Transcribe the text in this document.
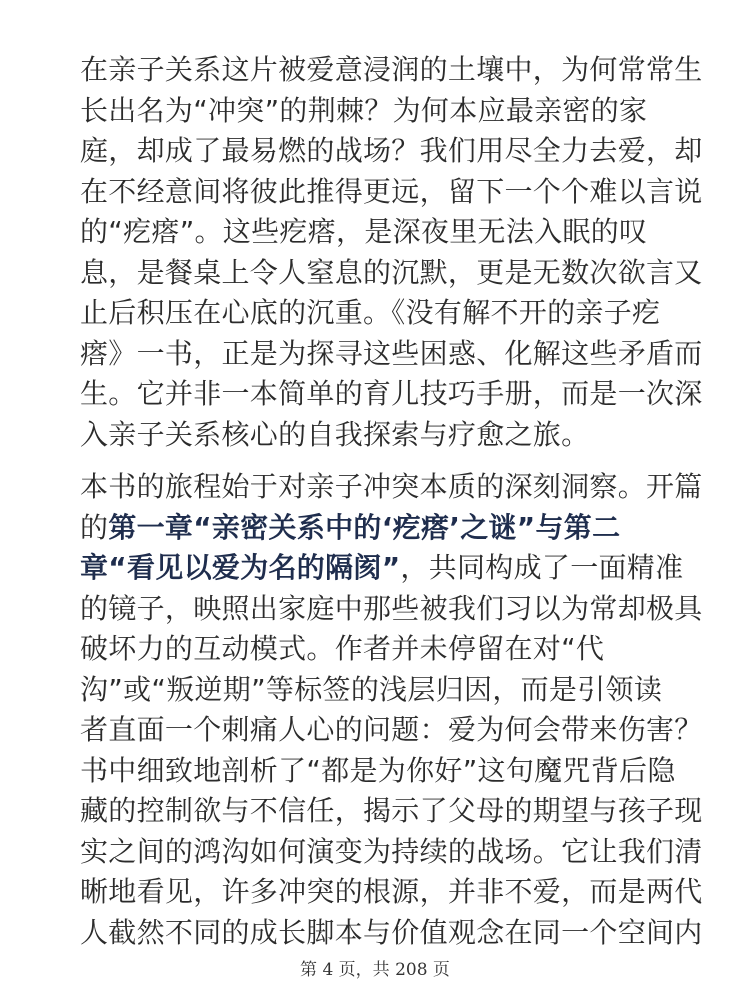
在亲子关系这片被爱意浸润的土壤中，为何常常生
长出名为“冲突”的荆棘？为何本应最亲密的家
庭，却成了最易燃的战场？我们用尽全力去爱，却
在不经意间将彼此推得更远，留下一个个难以言说
的“疙瘩”。这些疙瘩，是深夜里无法入眠的叹
息，是餐桌上令人窒息的沉默，更是无数次欲言又
止后积压在心底的沉重。《没有解不开的亲子疙
瘩》一书，正是为探寻这些困惑、化解这些矛盾而
生。它并非一本简单的育儿技巧手册，而是一次深
入亲子关系核心的自我探索与疗愈之旅。
本书的旅程始于对亲子冲突本质的深刻洞察。开篇
的第一章“亲密关系中的‘疙瘩’之谜”与第二
章“看见以爱为名的隔阂”，共同构成了一面精准
的镜子，映照出家庭中那些被我们习以为常却极具
破坏力的互动模式。作者并未停留在对“代
沟”或“叛逆期”等标签的浅层归因，而是引领读
者直面一个刺痛人心的问题：爱为何会带来伤害？
书中细致地剖析了“都是为你好”这句魔咒背后隐
藏的控制欲与不信任，揭示了父母的期望与孩子现
实之间的鸿沟如何演变为持续的战场。它让我们清
晰地看见，许多冲突的根源，并非不爱，而是两代
人截然不同的成长脚本与价值观念在同一个空间内
第 4 页，共 208 页
